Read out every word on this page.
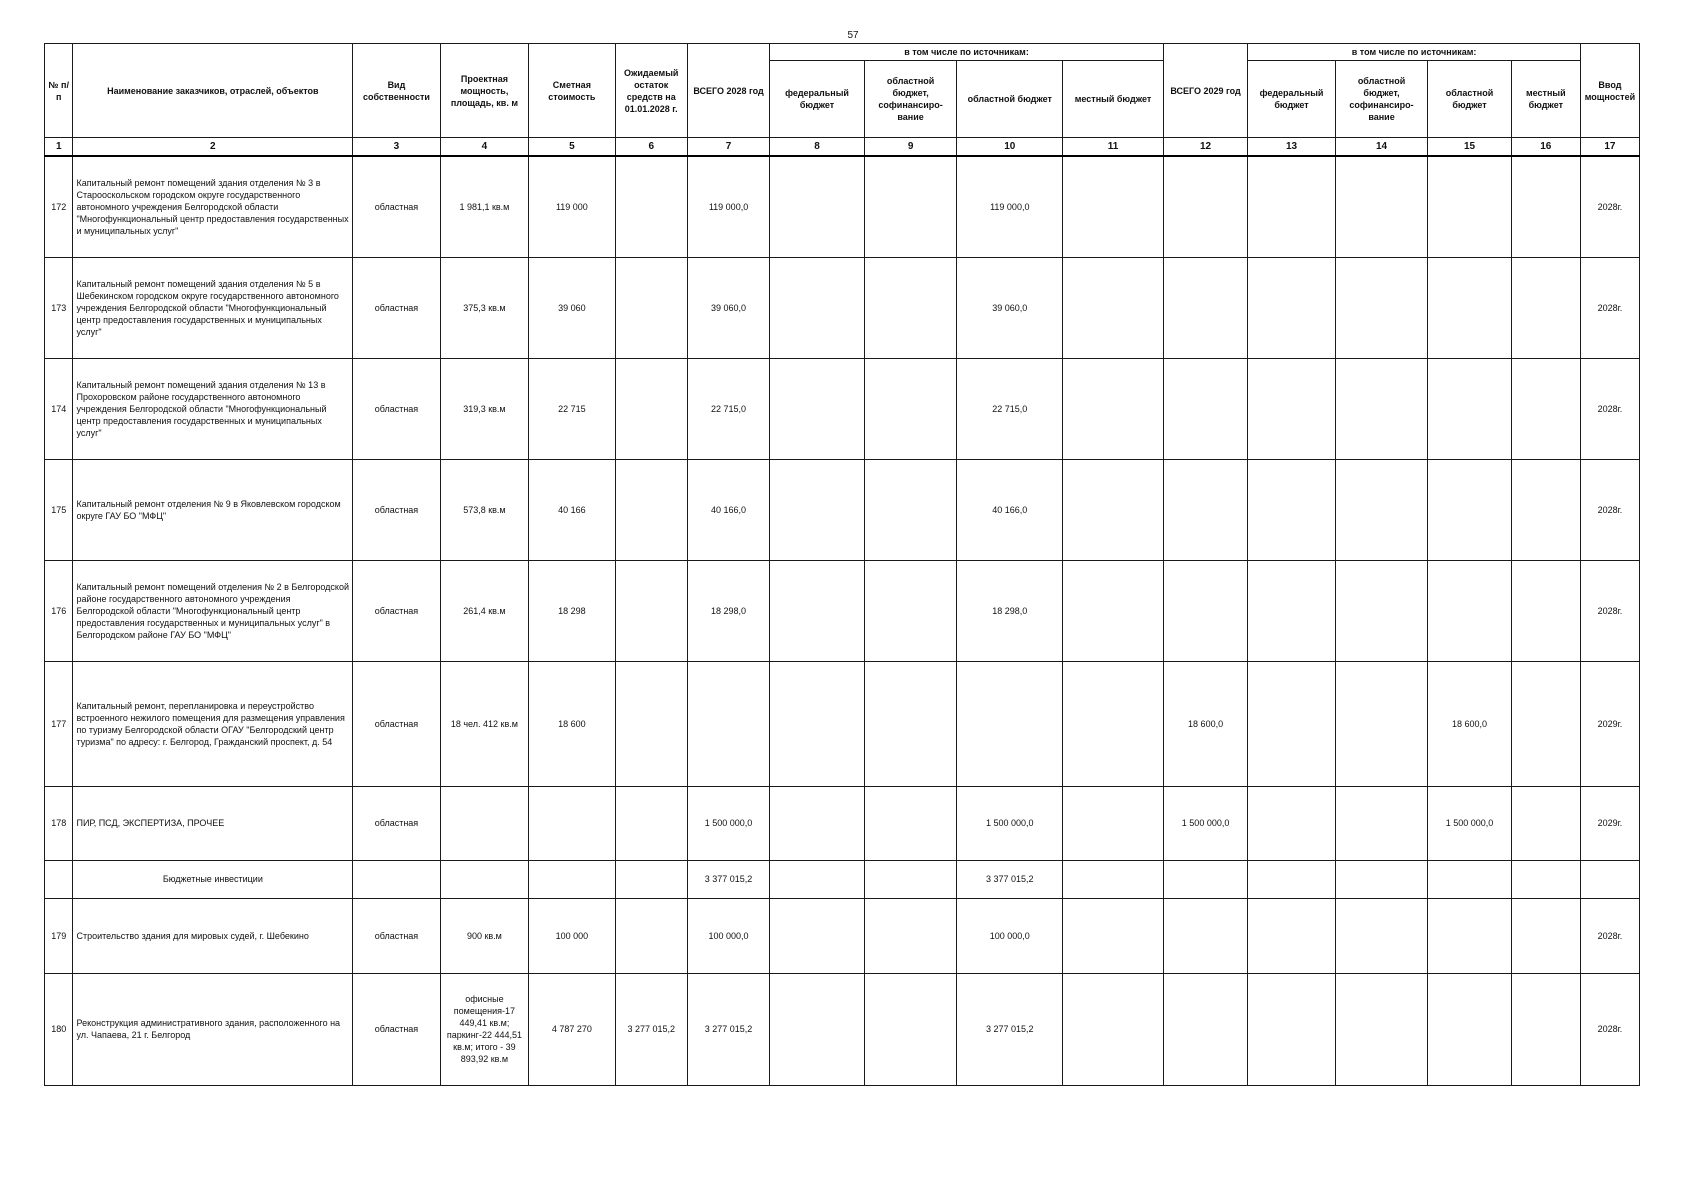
57
№ п/п	Наименование заказчиков, отраслей, объектов	Вид собственности	Проектная мощность, площадь, кв. м	Сметная стоимость	Ожидаемый остаток средств на 01.01.2028 г.	ВСЕГО 2028 год	в том числе по источникам:				ВСЕГО 2029 год	в том числе по источникам:				Ввод мощностей
							федеральный бюджет	областной бюджет, софинансиро-вание	областной бюджет	местный бюджет		федеральный бюджет	областной бюджет, софинансиро-вание	областной бюджет	местный бюджет	
1	2	3	4	5	6	7	8	9	10	11	12	13	14	15	16	17
172	Капитальный ремонт помещений здания отделения № 3 в Старооскольском городском округе государственного автономного учреждения Белгородской области "Многофункциональный центр предоставления государственных и муниципальных услуг"	областная	1 981,1 кв.м	119 000		119 000,0			119 000,0							2028г.
173	Капитальный ремонт помещений здания отделения № 5 в Шебекинском городском округе государственного автономного учреждения Белгородской области "Многофункциональный центр предоставления государственных и муниципальных услуг"	областная	375,3 кв.м	39 060		39 060,0			39 060,0							2028г.
174	Капитальный ремонт помещений здания отделения № 13 в Прохоровском районе государственного автономного учреждения Белгородской области "Многофункциональный центр предоставления государственных и муниципальных услуг"	областная	319,3 кв.м	22 715		22 715,0			22 715,0							2028г.
175	Капитальный ремонт отделения № 9 в Яковлевском городском округе ГАУ БО "МФЦ"	областная	573,8 кв.м	40 166		40 166,0			40 166,0							2028г.
176	Капитальный ремонт помещений отделения № 2 в Белгородской районе государственного автономного учреждения Белгородской области "Многофункциональный центр предоставления государственных и муниципальных услуг" в Белгородском районе ГАУ БО "МФЦ"	областная	261,4 кв.м	18 298		18 298,0			18 298,0							2028г.
177	Капитальный ремонт, перепланировка и переустройство встроенного нежилого помещения для размещения управления по туризму Белгородской области ОГАУ "Белгородский центр туризма" по адресу: г. Белгород, Гражданский проспект, д. 54	областная	18 чел. 412 кв.м	18 600							18 600,0			18 600,0		2029г.
178	ПИР, ПСД, ЭКСПЕРТИЗА, ПРОЧЕЕ	областная				1 500 000,0			1 500 000,0		1 500 000,0			1 500 000,0		2029г.
	Бюджетные инвестиции					3 377 015,2			3 377 015,2							
179	Строительство здания для мировых судей, г. Шебекино	областная	900 кв.м	100 000		100 000,0			100 000,0							2028г.
180	Реконструкция административного здания, расположенного на ул. Чапаева, 21 г. Белгород	областная	офисные помещения-17 449,41 кв.м; паркинг-22 444,51 кв.м; итого - 39 893,92 кв.м	4 787 270	3 277 015,2	3 277 015,2			3 277 015,2							2028г.
